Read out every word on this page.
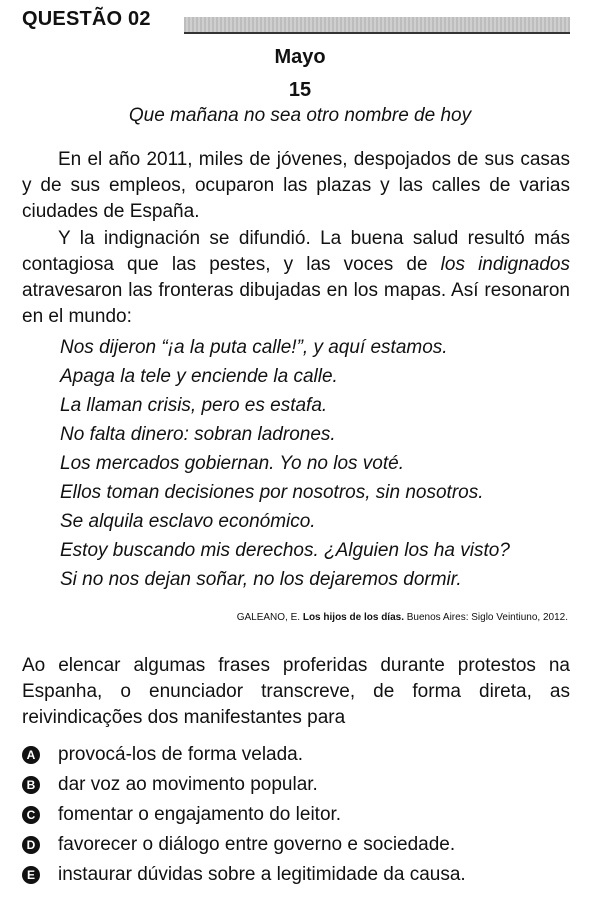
QUESTÃO 02
Mayo
15
Que mañana no sea otro nombre de hoy

En el año 2011, miles de jóvenes, despojados de sus casas y de sus empleos, ocuparon las plazas y las calles de varias ciudades de España.

Y la indignación se difundió. La buena salud resultó más contagiosa que las pestes, y las voces de los indignados atravesaron las fronteras dibujadas en los mapas. Así resonaron en el mundo:

Nos dijeron “¡a la puta calle!”, y aquí estamos.
Apaga la tele y enciende la calle.
La llaman crisis, pero es estafa.
No falta dinero: sobran ladrones.
Los mercados gobiernan. Yo no los voté.
Ellos toman decisiones por nosotros, sin nosotros.
Se alquila esclavo económico.
Estoy buscando mis derechos. ¿Alguien los ha visto?
Si no nos dejan soñar, no los dejaremos dormir.
GALEANO, E. Los hijos de los días. Buenos Aires: Siglo Veintiuno, 2012.

Ao elencar algumas frases proferidas durante protestos na Espanha, o enunciador transcreve, de forma direta, as reivindicações dos manifestantes para

A provocá-los de forma velada.
B dar voz ao movimento popular.
C fomentar o engajamento do leitor.
D favorecer o diálogo entre governo e sociedade.
E instaurar dúvidas sobre a legitimidade da causa.
